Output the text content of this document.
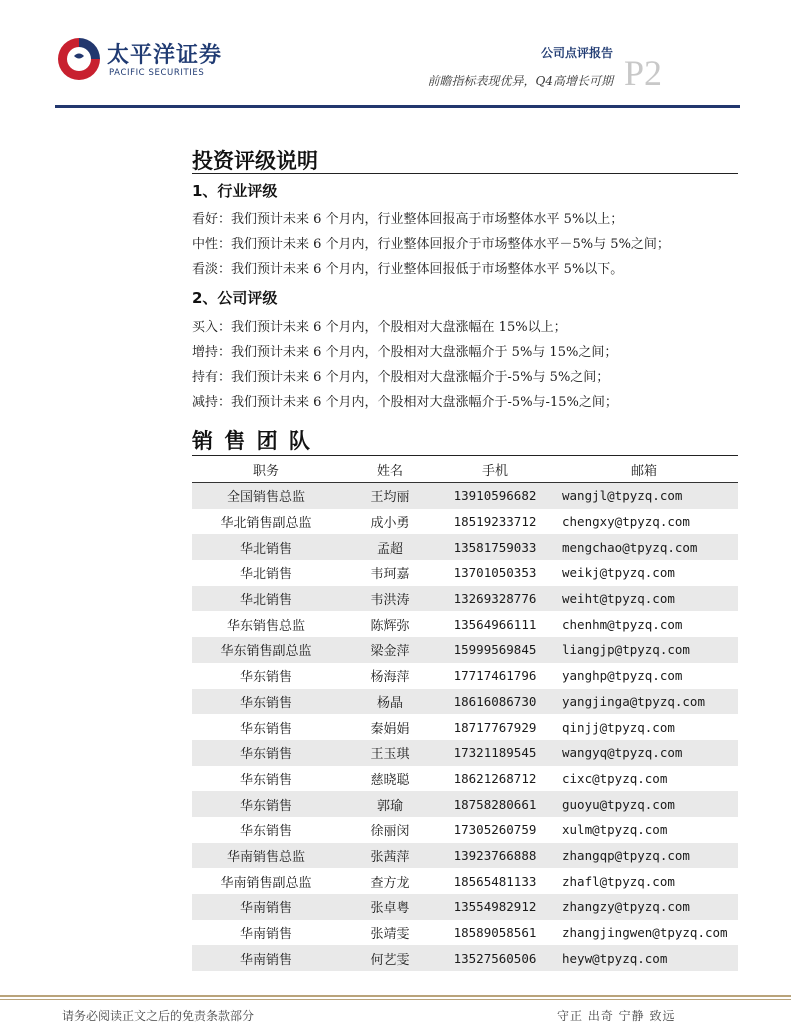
太平洋证券
PACIFIC SECURITIES
公司点评报告
前瞻指标表现优异，Q4高增长可期 P2
投资评级说明
1、行业评级
看好：我们预计未来 6 个月内，行业整体回报高于市场整体水平 5%以上；
中性：我们预计未来 6 个月内，行业整体回报介于市场整体水平－5%与 5%之间；
看淡：我们预计未来 6 个月内，行业整体回报低于市场整体水平 5%以下。
2、公司评级
买入：我们预计未来 6 个月内，个股相对大盘涨幅在 15%以上；
增持：我们预计未来 6 个月内，个股相对大盘涨幅介于 5%与 15%之间；
持有：我们预计未来 6 个月内，个股相对大盘涨幅介于-5%与 5%之间；
减持：我们预计未来 6 个月内，个股相对大盘涨幅介于-5%与-15%之间；
销 售 团 队
职务	姓名	手机	邮箱
全国销售总监	王均丽	13910596682	wangjl@tpyzq.com
华北销售副总监	成小勇	18519233712	chengxy@tpyzq.com
华北销售	孟超	13581759033	mengchao@tpyzq.com
华北销售	韦珂嘉	13701050353	weikj@tpyzq.com
华北销售	韦洪涛	13269328776	weiht@tpyzq.com
华东销售总监	陈辉弥	13564966111	chenhm@tpyzq.com
华东销售副总监	梁金萍	15999569845	liangjp@tpyzq.com
华东销售	杨海萍	17717461796	yanghp@tpyzq.com
华东销售	杨晶	18616086730	yangjinga@tpyzq.com
华东销售	秦娟娟	18717767929	qinjj@tpyzq.com
华东销售	王玉琪	17321189545	wangyq@tpyzq.com
华东销售	慈晓聪	18621268712	cixc@tpyzq.com
华东销售	郭瑜	18758280661	guoyu@tpyzq.com
华东销售	徐丽闵	17305260759	xulm@tpyzq.com
华南销售总监	张茜萍	13923766888	zhangqp@tpyzq.com
华南销售副总监	查方龙	18565481133	zhafl@tpyzq.com
华南销售	张卓粤	13554982912	zhangzy@tpyzq.com
华南销售	张靖雯	18589058561	zhangjingwen@tpyzq.com
华南销售	何艺雯	13527560506	heyw@tpyzq.com
请务必阅读正文之后的免责条款部分	守正 出奇 宁静 致远
